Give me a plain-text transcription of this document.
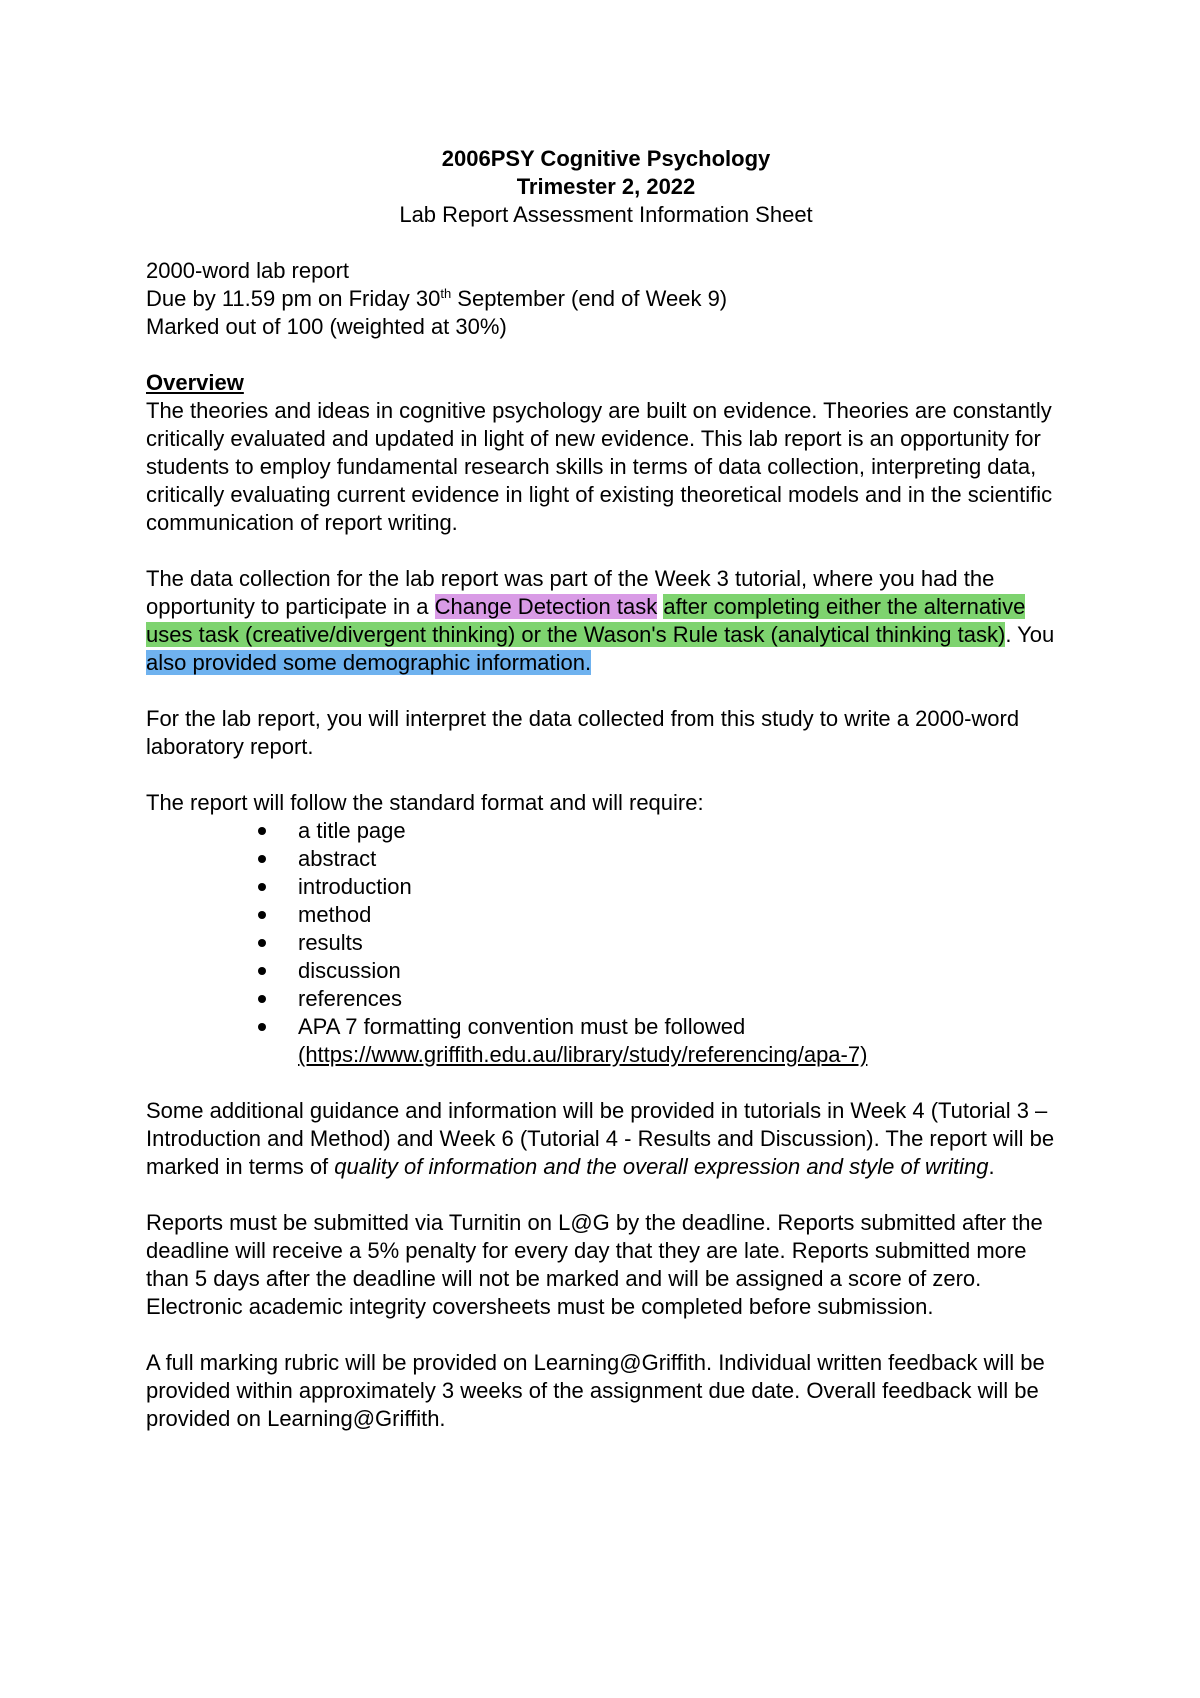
2006PSY Cognitive Psychology

Trimester 2, 2022

Lab Report Assessment Information Sheet

2000-word lab report

Due by 11.59 pm on Friday 30th September (end of Week 9)

Marked out of 100 (weighted at 30%)

Overview

The theories and ideas in cognitive psychology are built on evidence. Theories are constantly critically evaluated and updated in light of new evidence. This lab report is an opportunity for students to employ fundamental research skills in terms of data collection, interpreting data, critically evaluating current evidence in light of existing theoretical models and in the scientific communication of report writing.

The data collection for the lab report was part of the Week 3 tutorial, where you had the opportunity to participate in a Change Detection task after completing either the alternative uses task (creative/divergent thinking) or the Wason's Rule task (analytical thinking task). You also provided some demographic information.

For the lab report, you will interpret the data collected from this study to write a 2000-word laboratory report.

The report will follow the standard format and will require:

a title page
abstract
introduction
method
results
discussion
references
APA 7 formatting convention must be followed
(https://www.griffith.edu.au/library/study/referencing/apa-7)

Some additional guidance and information will be provided in tutorials in Week 4 (Tutorial 3 – Introduction and Method) and Week 6 (Tutorial 4 - Results and Discussion). The report will be marked in terms of quality of information and the overall expression and style of writing.

Reports must be submitted via Turnitin on L@G by the deadline. Reports submitted after the deadline will receive a 5% penalty for every day that they are late. Reports submitted more than 5 days after the deadline will not be marked and will be assigned a score of zero. Electronic academic integrity coversheets must be completed before submission.

A full marking rubric will be provided on Learning@Griffith. Individual written feedback will be provided within approximately 3 weeks of the assignment due date. Overall feedback will be provided on Learning@Griffith.
